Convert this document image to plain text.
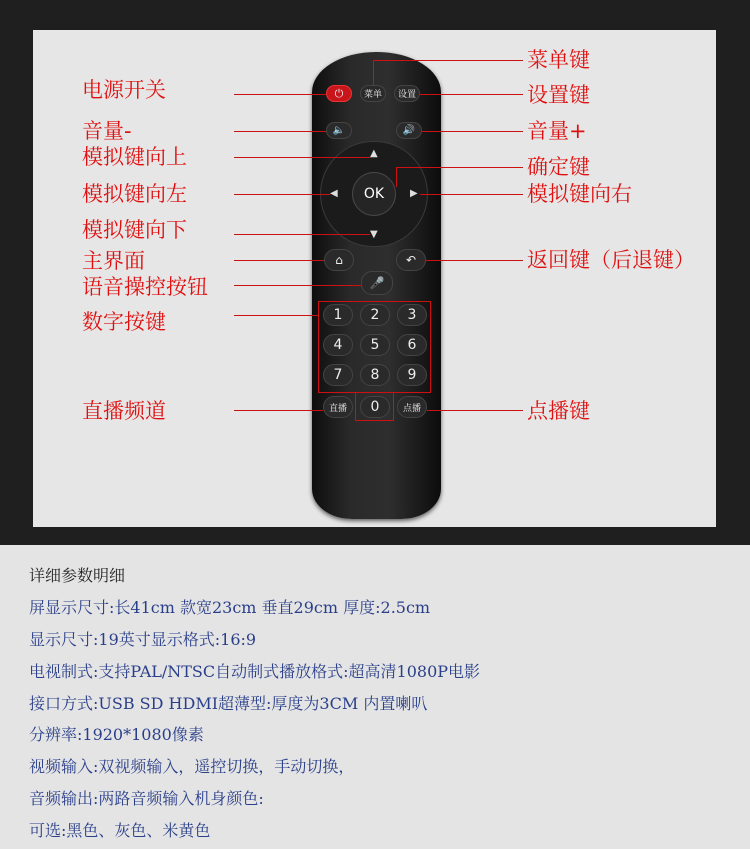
⏻	菜单	设置
🔈	🔊
▲
▼
◀	▶
OK
⌂	↶
🎤
1	2	3
4	5	6
7	8	9
直播	0	点播
电源开关
音量-
模拟键向上
模拟键向左
模拟键向下
主界面
语音操控按钮
数字按键
直播频道
菜单键
设置键
音量+
确定键
模拟键向右
返回键（后退键）
点播键
详细参数明细
屏显示尺寸:长41cm 款宽23cm 垂直29cm 厚度:2.5cm
显示尺寸:19英寸显示格式:16:9
电视制式:支持PAL/NTSC自动制式播放格式:超高清1080P电影
接口方式:USB SD HDMI超薄型:厚度为3CM 内置喇叭
分辨率:1920*1080像素
视频输入:双视频输入，遥控切换，手动切换，
音频输出:两路音频输入机身颜色:
可选:黑色、灰色、米黄色
